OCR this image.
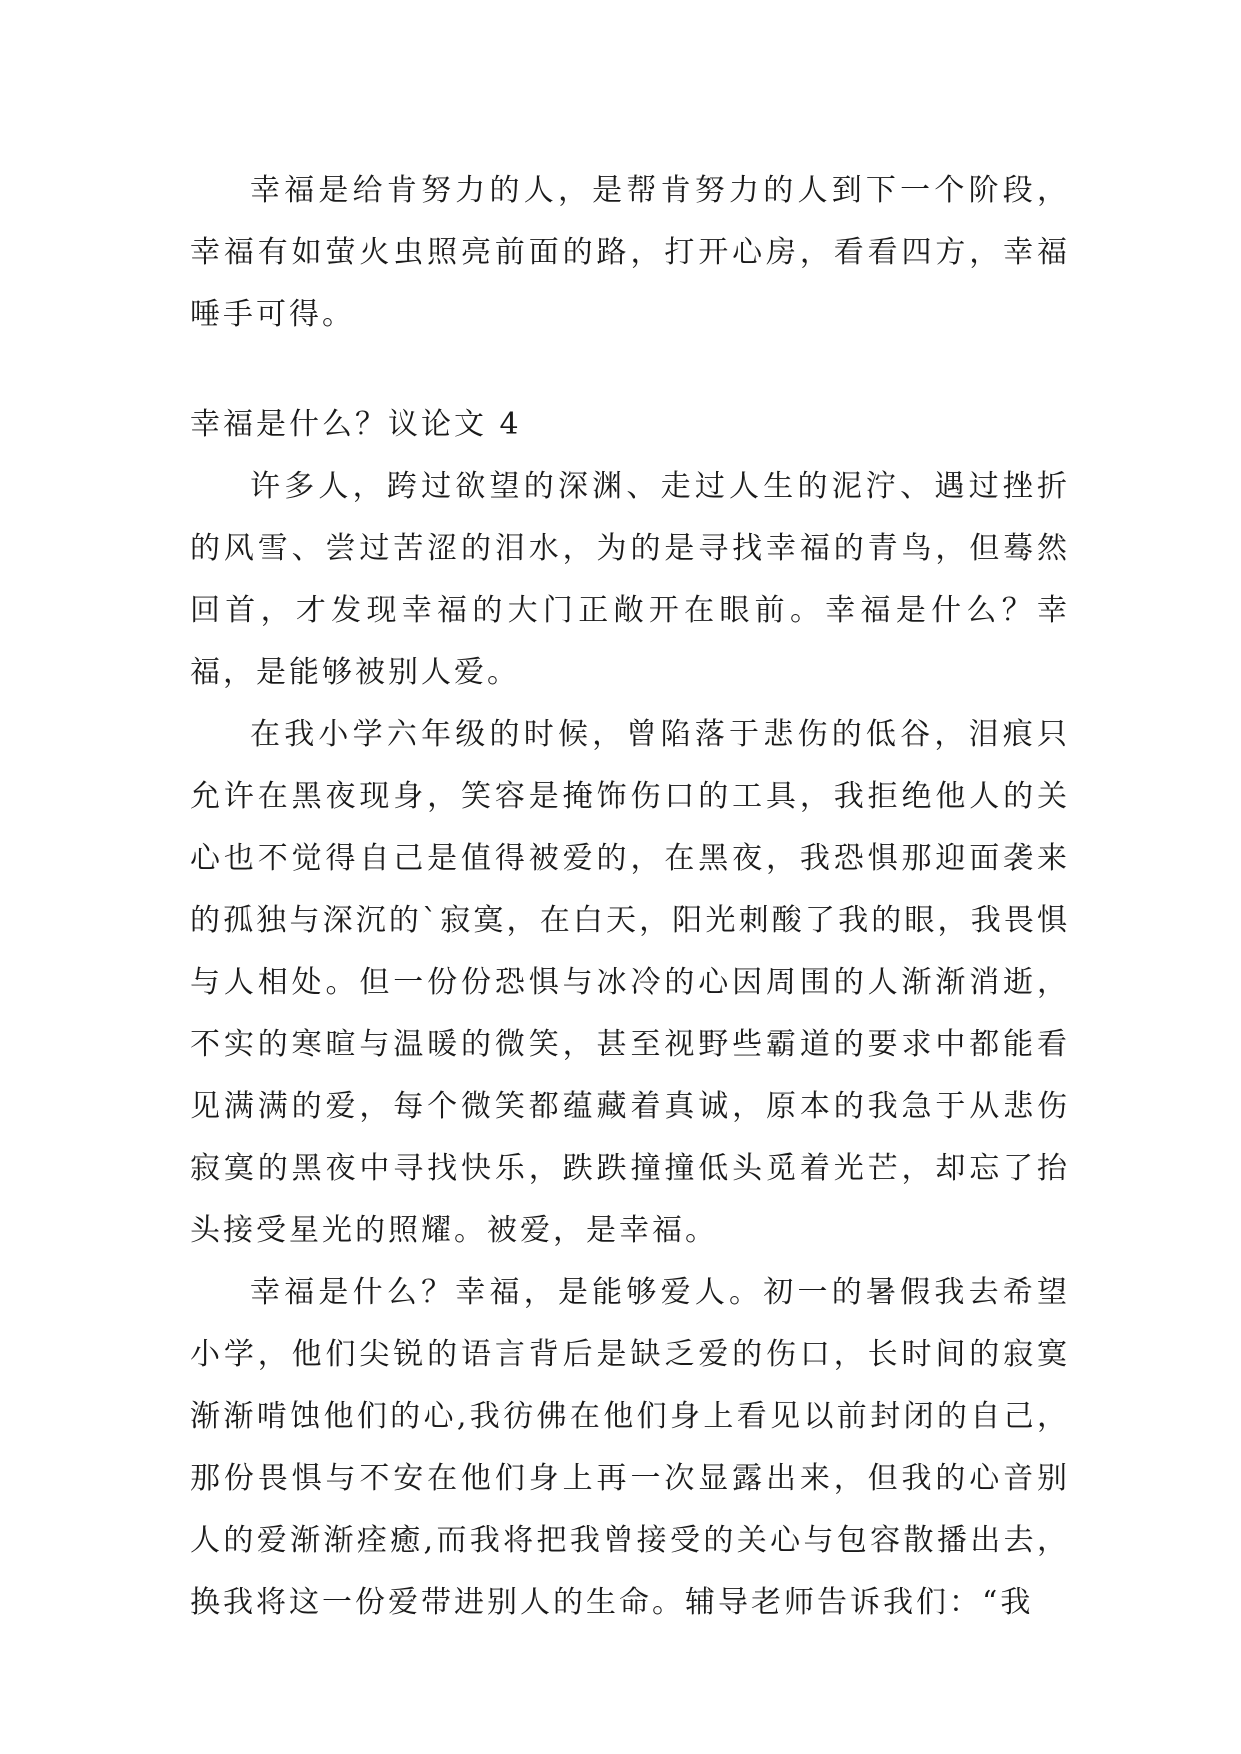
幸福是给肯努力的人，是帮肯努力的人到下一个阶段，幸福有如萤火虫照亮前面的路，打开心房，看看四方，幸福唾手可得。

幸福是什么？议论文 4

许多人，跨过欲望的深渊、走过人生的泥泞、遇过挫折的风雪、尝过苦涩的泪水，为的是寻找幸福的青鸟，但蓦然回首，才发现幸福的大门正敞开在眼前。幸福是什么？幸福，是能够被别人爱。

在我小学六年级的时候，曾陷落于悲伤的低谷，泪痕只允许在黑夜现身，笑容是掩饰伤口的工具，我拒绝他人的关心也不觉得自己是值得被爱的，在黑夜，我恐惧那迎面袭来的孤独与深沉的`寂寞，在白天，阳光刺酸了我的眼，我畏惧与人相处。但一份份恐惧与冰冷的心因周围的人渐渐消逝，不实的寒暄与温暖的微笑，甚至视野些霸道的要求中都能看见满满的爱，每个微笑都蕴藏着真诚，原本的我急于从悲伤寂寞的黑夜中寻找快乐，跌跌撞撞低头觅着光芒，却忘了抬头接受星光的照耀。被爱，是幸福。

幸福是什么？幸福，是能够爱人。初一的暑假我去希望小学，他们尖锐的语言背后是缺乏爱的伤口，长时间的寂寞渐渐啃蚀他们的心,我彷佛在他们身上看见以前封闭的自己，那份畏惧与不安在他们身上再一次显露出来，但我的心音别人的爱渐渐痊癒,而我将把我曾接受的关心与包容散播出去，换我将这一份爱带进别人的生命。辅导老师告诉我们：“我
